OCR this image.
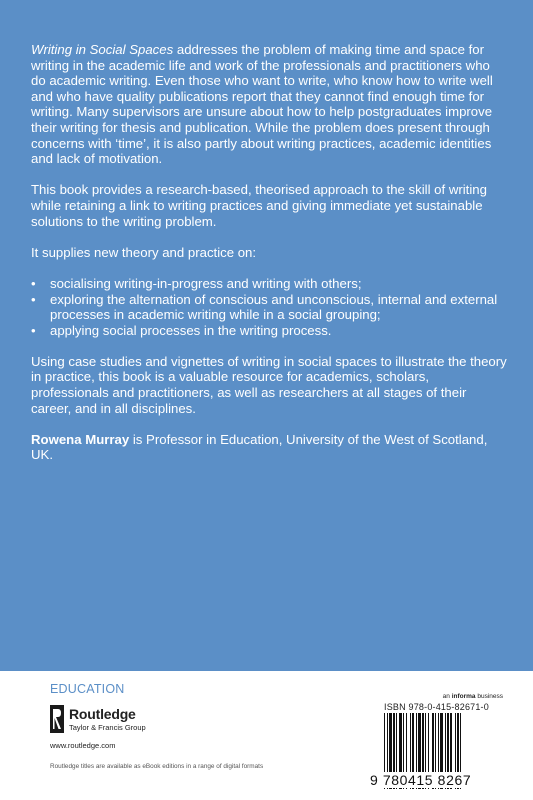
Writing in Social Spaces addresses the problem of making time and space for writing in the academic life and work of the professionals and practitioners who do academic writing. Even those who want to write, who know how to write well and who have quality publications report that they cannot find enough time for writing. Many supervisors are unsure about how to help postgraduates improve their writing for thesis and publication. While the problem does present through concerns with ‘time’, it is also partly about writing practices, academic identities and lack of motivation.

This book provides a research-based, theorised approach to the skill of writing while retaining a link to writing practices and giving immediate yet sustainable solutions to the writing problem.

It supplies new theory and practice on:

• socialising writing-in-progress and writing with others;
• exploring the alternation of conscious and unconscious, internal and external processes in academic writing while in a social grouping;
• applying social processes in the writing process.

Using case studies and vignettes of writing in social spaces to illustrate the theory in practice, this book is a valuable resource for academics, scholars, professionals and practitioners, as well as researchers at all stages of their career, and in all disciplines.

Rowena Murray is Professor in Education, University of the West of Scotland, UK.

EDUCATION
Routledge
Taylor & Francis Group
www.routledge.com
Routledge titles are available as eBook editions in a range of digital formats
an informa business
ISBN 978-0-415-82671-0
9 780415 8267
